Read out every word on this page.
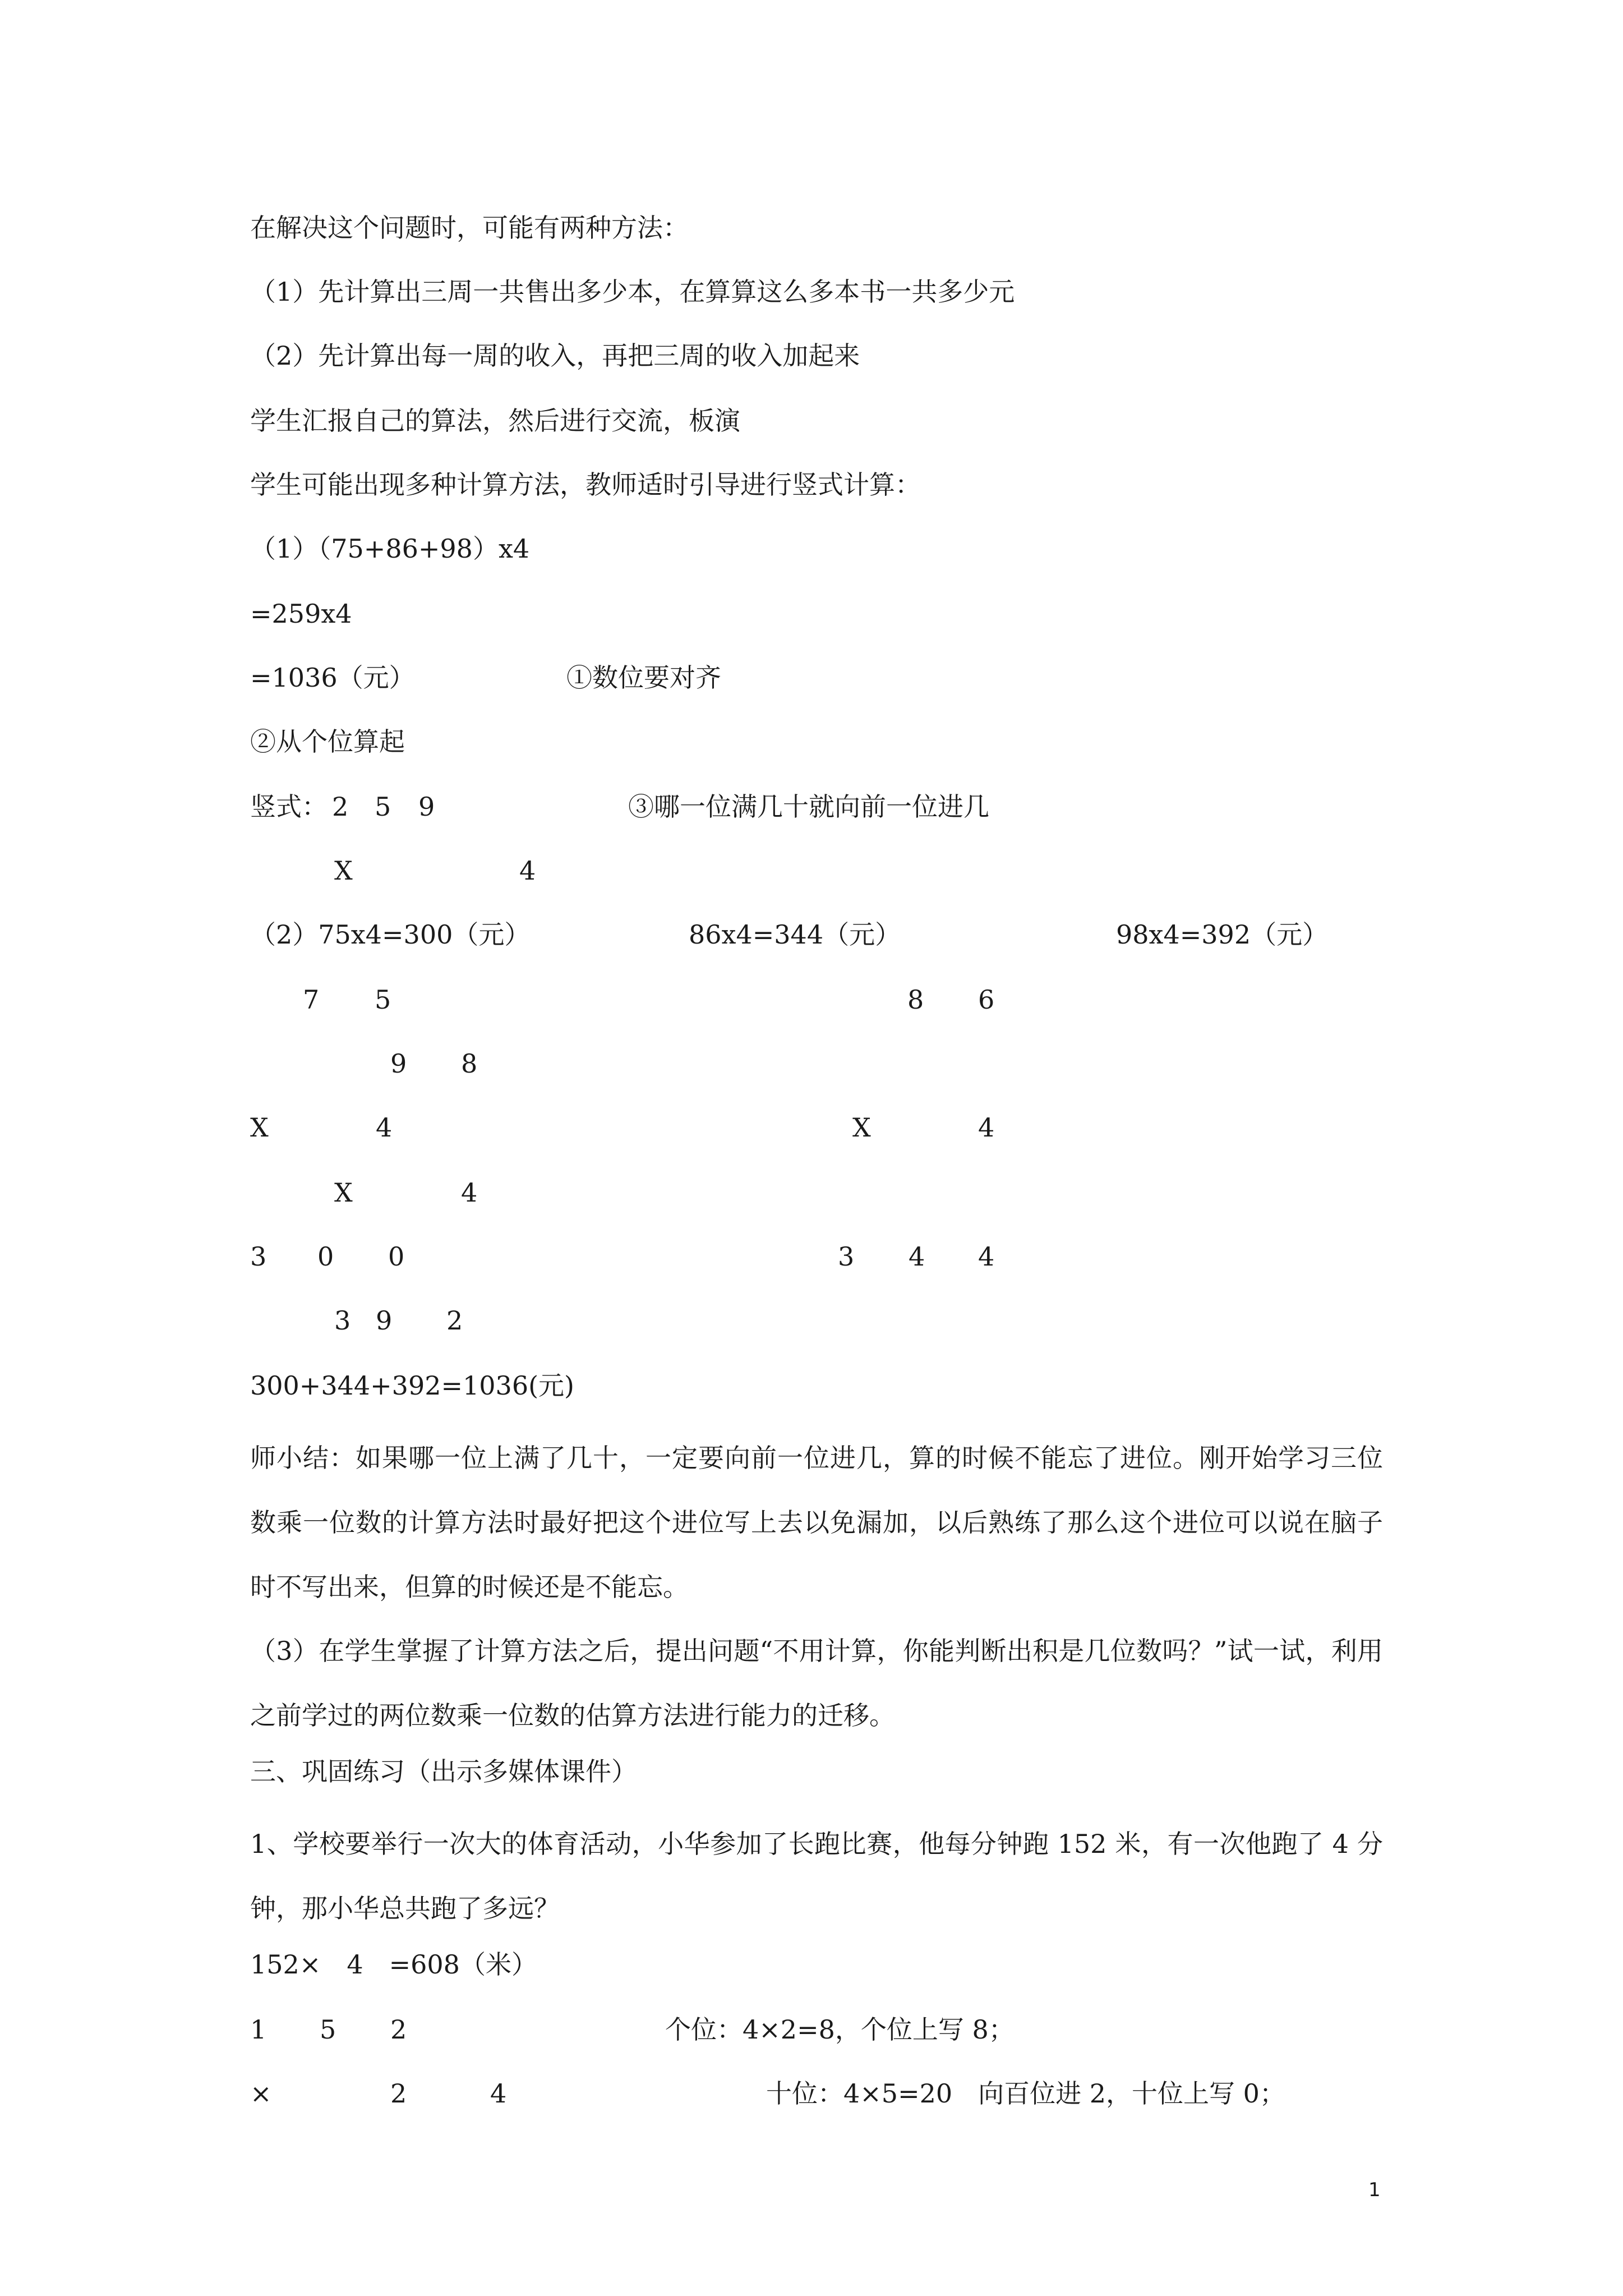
在解决这个问题时，可能有两种方法：
（1）先计算出三周一共售出多少本，在算算这么多本书一共多少元
（2）先计算出每一周的收入，再把三周的收入加起来
学生汇报自己的算法，然后进行交流，板演
学生可能出现多种计算方法，教师适时引导进行竖式计算：
（1）（75+86+98）x4
=259x4
=1036（元）	①数位要对齐
②从个位算起
竖式： 2 5 9	③哪一位满几十就向前一位进几
X	4
（2）75x4=300（元）	86x4=344（元）	98x4=392（元）
7 5	8 6
9 8
X	4	X	4
X	4
3 0 0	3 4 4
3 9 2
300+344+392=1036(元)
师小结：如果哪一位上满了几十，一定要向前一位进几，算的时候不能忘了进位。刚开始学习三位数乘一位数的计算方法时最好把这个进位写上去以免漏加，以后熟练了那么这个进位可以说在脑子时不写出来，但算的时候还是不能忘。
（3）在学生掌握了计算方法之后，提出问题“不用计算，你能判断出积是几位数吗？”试一试，利用之前学过的两位数乘一位数的估算方法进行能力的迁移。
三、巩固练习（出示多媒体课件）
1、学校要举行一次大的体育活动，小华参加了长跑比赛，他每分钟跑 152 米，有一次他跑了 4 分钟，那小华总共跑了多远？
152×　4　=608（米）
1 5 2	个位：4×2=8，个位上写 8；
×	2	4	十位：4×5=20　向百位进 2，十位上写 0；
1
